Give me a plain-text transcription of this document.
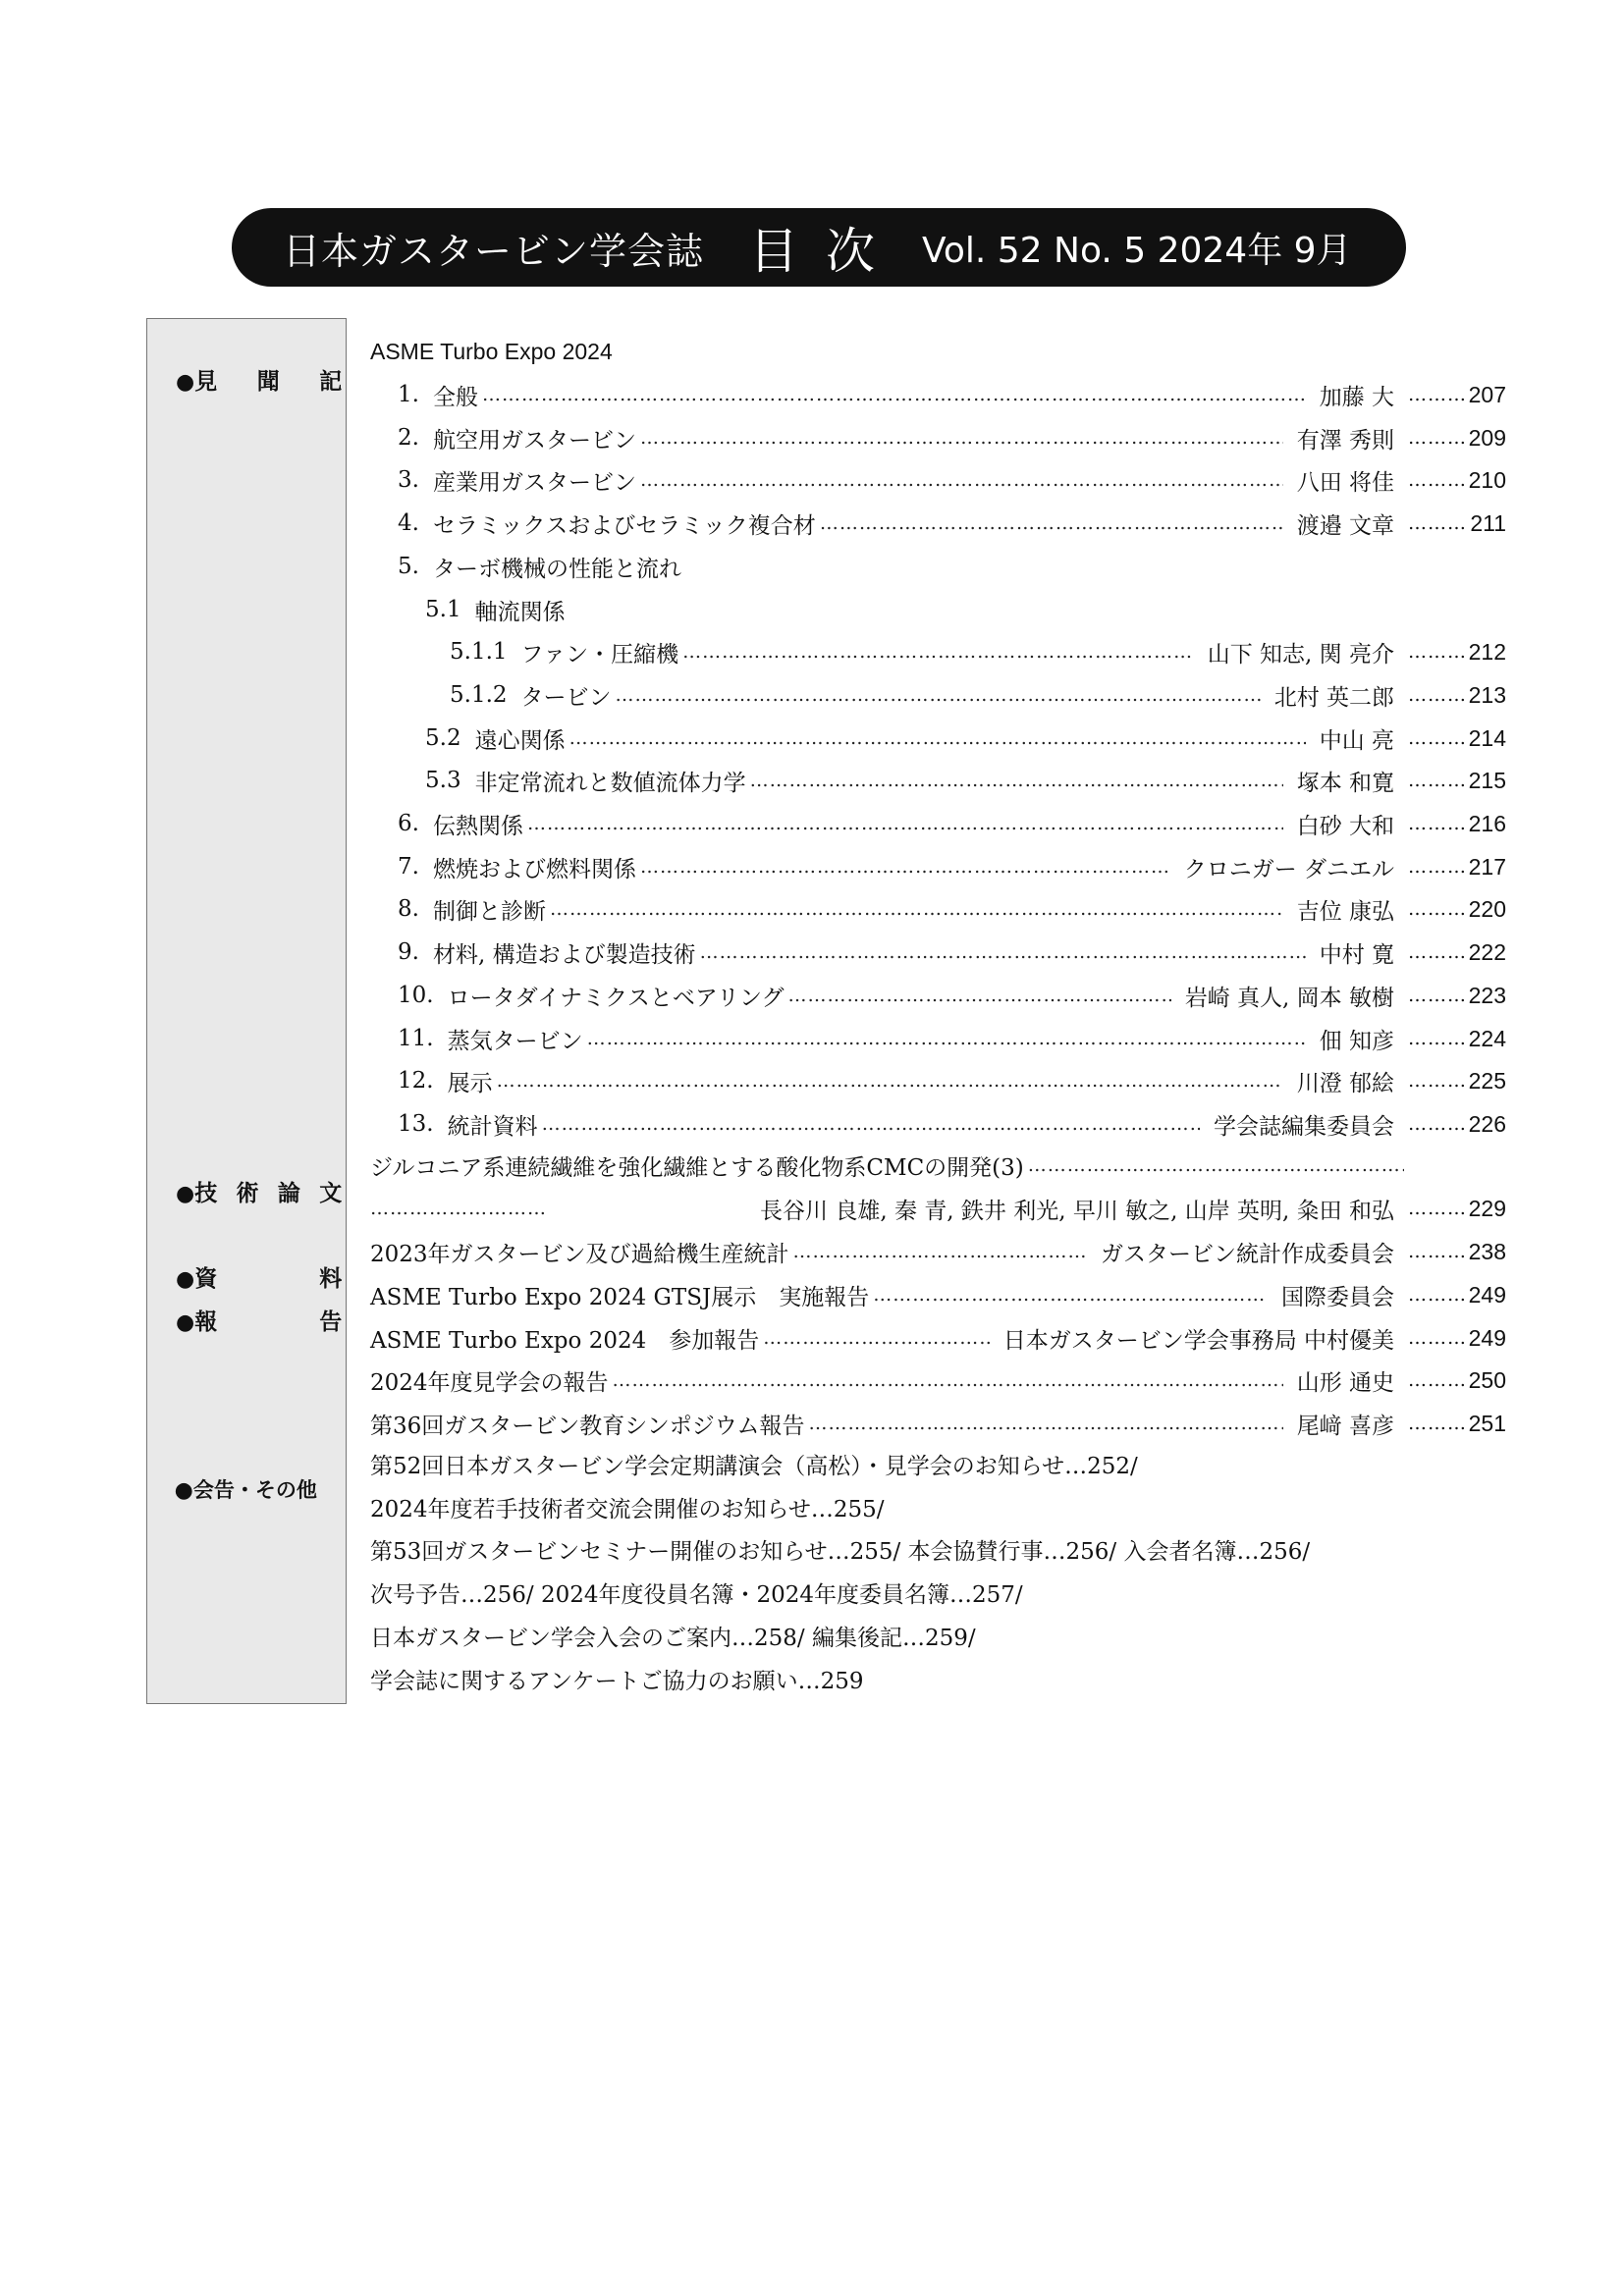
日本ガスタービン学会誌 目次 Vol. 52 No. 5 2024年 9月

●見 聞 記

●技 術 論 文

●資 料

●報 告

●会告・その他

ASME Turbo Expo 2024
1. 全般 ……………………………………………………………………………………………………………………………………………………………………………………………………	加藤 大 …………………………	207
2. 航空用ガスタービン ……………………………………………………………………………………………………………………………………………………………………………………………………	有澤 秀則 …………………………	209
3. 産業用ガスタービン ……………………………………………………………………………………………………………………………………………………………………………………………………	八田 将佳 …………………………	210
4. セラミックスおよびセラミック複合材 ……………………………………………………………………………………………………………………………………………………………………………………………………	渡邉 文章 …………………………	211
5. ターボ機械の性能と流れ
5.1 軸流関係
5.1.1 ファン・圧縮機 ……………………………………………………………………………………………………………………………………………………………………………………………………	山下 知志, 関 亮介 …………………………	212
5.1.2 タービン ……………………………………………………………………………………………………………………………………………………………………………………………………	北村 英二郎 …………………………	213
5.2 遠心関係 ……………………………………………………………………………………………………………………………………………………………………………………………………	中山 亮 …………………………	214
5.3 非定常流れと数値流体力学 ……………………………………………………………………………………………………………………………………………………………………………………………………	塚本 和寛 …………………………	215
6. 伝熱関係 ……………………………………………………………………………………………………………………………………………………………………………………………………	白砂 大和 …………………………	216
7. 燃焼および燃料関係 ……………………………………………………………………………………………………………………………………………………………………………………………………	クロニガー ダニエル …………………………	217
8. 制御と診断 ……………………………………………………………………………………………………………………………………………………………………………………………………	吉位 康弘 …………………………	220
9. 材料, 構造および製造技術 ……………………………………………………………………………………………………………………………………………………………………………………………………	中村 寛 …………………………	222
10. ロータダイナミクスとベアリング ……………………………………………………………………………………………………………………………………………………………………………………………………	岩崎 真人, 岡本 敏樹 …………………………	223
11. 蒸気タービン ……………………………………………………………………………………………………………………………………………………………………………………………………	佃 知彦 …………………………	224
12. 展示 ……………………………………………………………………………………………………………………………………………………………………………………………………	川澄 郁絵 …………………………	225
13. 統計資料 ……………………………………………………………………………………………………………………………………………………………………………………………………	学会誌編集委員会 …………………………	226
ジルコニア系連続繊維を強化繊維とする酸化物系CMCの開発(3)
……………………………………………………………………………………………………………………………………………………………………………………………………
……………………………………………………………………………………………………………………………………………………………………………………………………
長谷川 良雄, 秦 青, 鉄井 利光, 早川 敏之, 山岸 英明, 粂田 和弘 …………………………	229
2023年ガスタービン及び過給機生産統計 ……………………………………………………………………………………………………………………………………………………………………………………………………	ガスタービン統計作成委員会 …………………………	238
ASME Turbo Expo 2024 GTSJ展示　実施報告 ……………………………………………………………………………………………………………………………………………………………………………………………………	国際委員会 …………………………	249
ASME Turbo Expo 2024　参加報告 ……………………………………………………………………………………………………………………………………………………………………………………………………	日本ガスタービン学会事務局 中村優美 …………………………	249
2024年度見学会の報告 ……………………………………………………………………………………………………………………………………………………………………………………………………	山形 通史 …………………………	250
第36回ガスタービン教育シンポジウム報告 ……………………………………………………………………………………………………………………………………………………………………………………………………	尾﨑 喜彦 …………………………	251
第52回日本ガスタービン学会定期講演会（高松）・見学会のお知らせ…252/
2024年度若手技術者交流会開催のお知らせ…255/
第53回ガスタービンセミナー開催のお知らせ…255/ 本会協賛行事…256/ 入会者名簿…256/
次号予告…256/ 2024年度役員名簿・2024年度委員名簿…257/
日本ガスタービン学会入会のご案内…258/ 編集後記…259/
学会誌に関するアンケートご協力のお願い…259
